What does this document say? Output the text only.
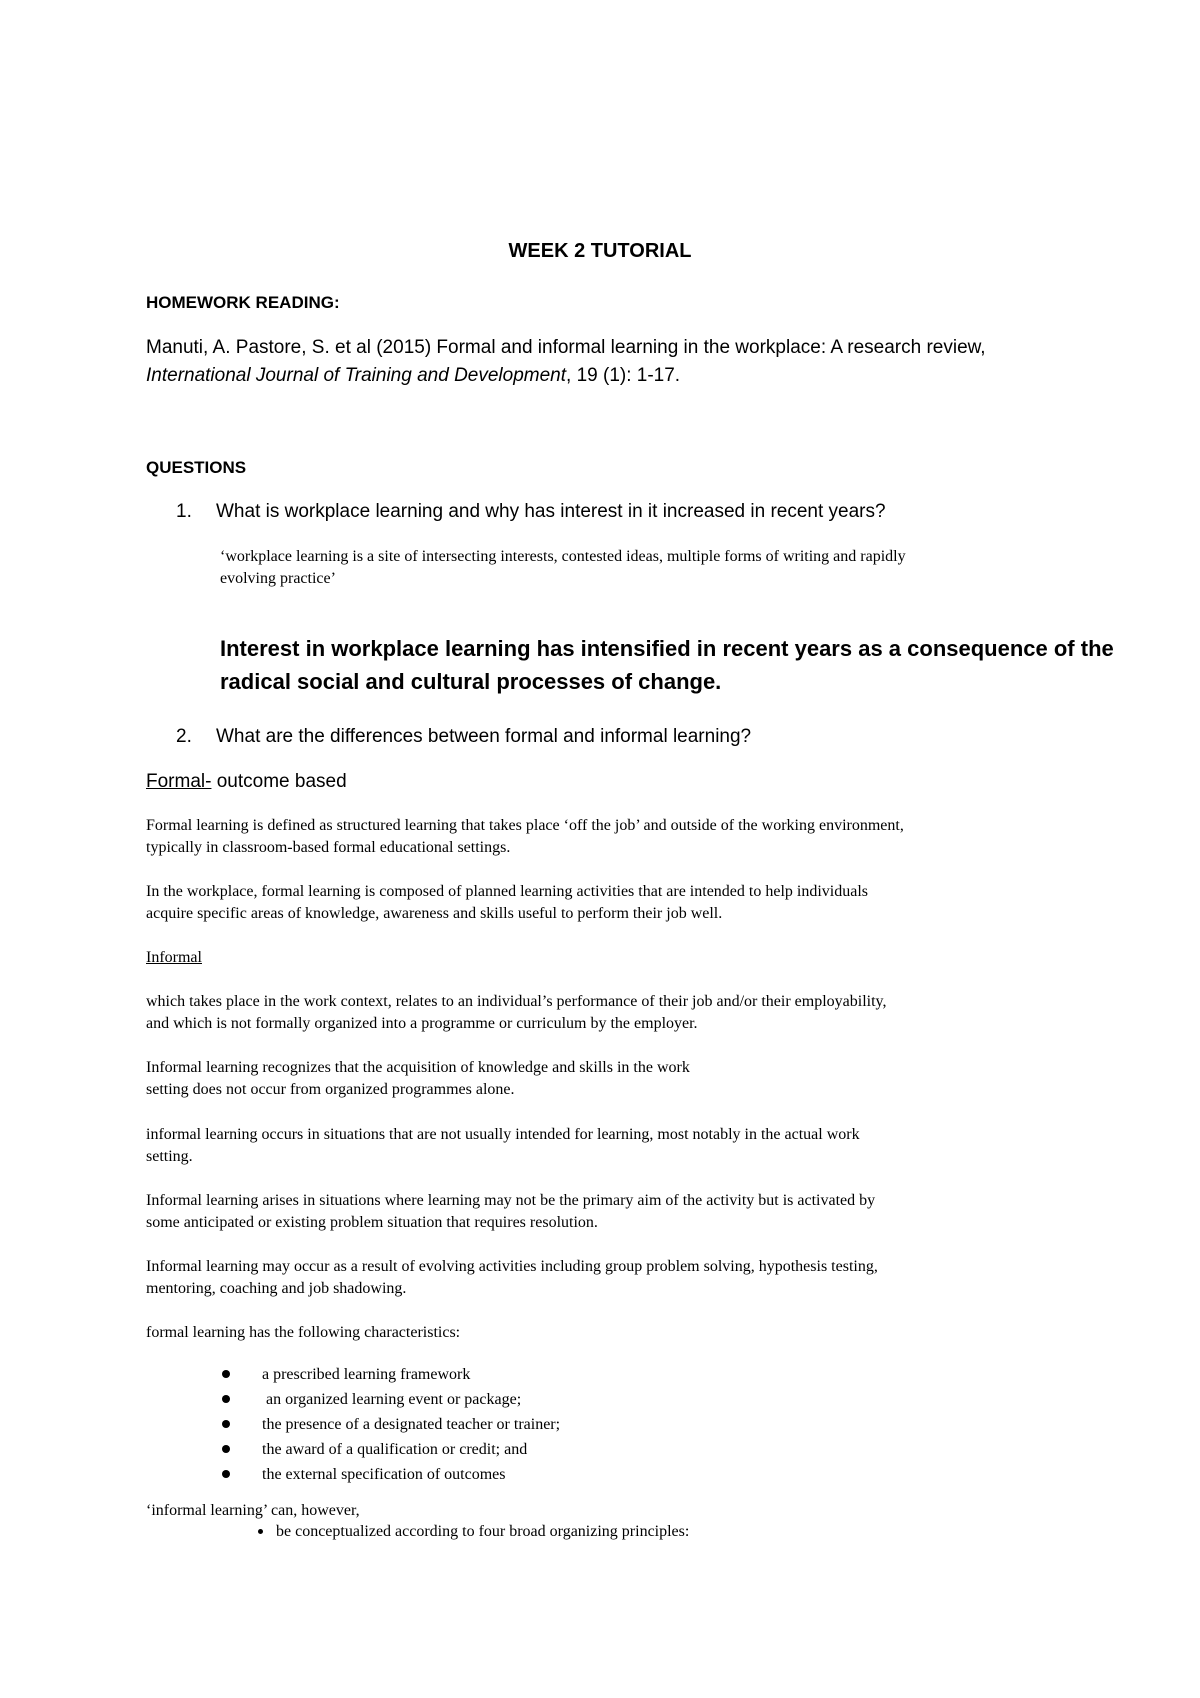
WEEK 2 TUTORIAL
HOMEWORK READING:
Manuti, A. Pastore, S. et al (2015) Formal and informal learning in the workplace: A research review,
International Journal of Training and Development, 19 (1): 1-17.
QUESTIONS
1. What is workplace learning and why has interest in it increased in recent years?
‘workplace learning is a site of intersecting interests, contested ideas, multiple forms of writing and rapidly
evolving practice’
Interest in workplace learning has intensified in recent years as a consequence of the
radical social and cultural processes of change.
2. What are the differences between formal and informal learning?
Formal- outcome based
Formal learning is defined as structured learning that takes place ‘off the job’ and outside of the working environment,
typically in classroom-based formal educational settings.
In the workplace, formal learning is composed of planned learning activities that are intended to help individuals
acquire specific areas of knowledge, awareness and skills useful to perform their job well.
Informal
which takes place in the work context, relates to an individual’s performance of their job and/or their employability,
and which is not formally organized into a programme or curriculum by the employer.
Informal learning recognizes that the acquisition of knowledge and skills in the work
setting does not occur from organized programmes alone.
informal learning occurs in situations that are not usually intended for learning, most notably in the actual work
setting.
Informal learning arises in situations where learning may not be the primary aim of the activity but is activated by
some anticipated or existing problem situation that requires resolution.
Informal learning may occur as a result of evolving activities including group problem solving, hypothesis testing,
mentoring, coaching and job shadowing.
formal learning has the following characteristics:
a prescribed learning framework
an organized learning event or package;
the presence of a designated teacher or trainer;
the award of a qualification or credit; and
the external specification of outcomes
‘informal learning’ can, however,
be conceptualized according to four broad organizing principles:
